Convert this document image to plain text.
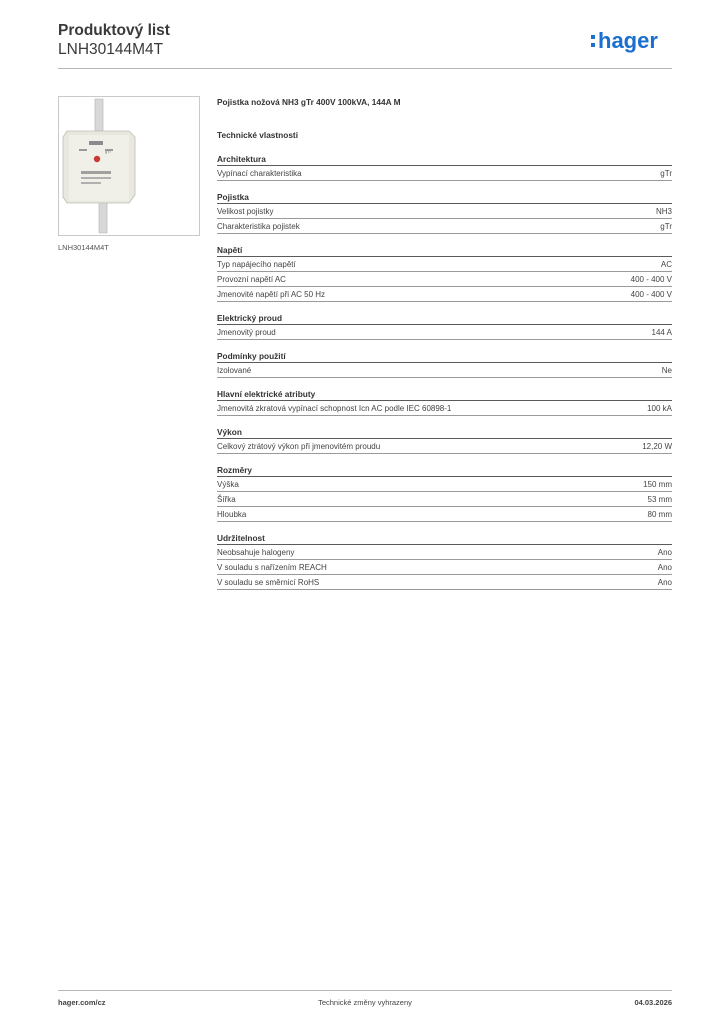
Produktový list
LNH30144M4T	hager
gTr
LNH30144M4T
Pojistka nožová NH3 gTr 400V 100kVA, 144A M
Technické vlastnosti
Architektura
Vypínací charakteristika	gTr
Pojistka
Velikost pojistky	NH3
Charakteristika pojistek	gTr
Napětí
Typ napájecího napětí	AC
Provozní napětí AC	400 - 400 V
Jmenovité napětí při AC 50 Hz	400 - 400 V
Elektrický proud
Jmenovitý proud	144 A
Podmínky použití
Izolované	Ne
Hlavní elektrické atributy
Jmenovitá zkratová vypínací schopnost Icn AC podle IEC 60898-1	100 kA
Výkon
Celkový ztrátový výkon při jmenovitém proudu	12,20 W
Rozměry
Výška	150 mm
Šířka	53 mm
Hloubka	80 mm
Udržitelnost
Neobsahuje halogeny	Ano
V souladu s nařízením REACH	Ano
V souladu se směrnicí RoHS	Ano
hager.com/cz	Technické změny vyhrazeny	04.03.2026
